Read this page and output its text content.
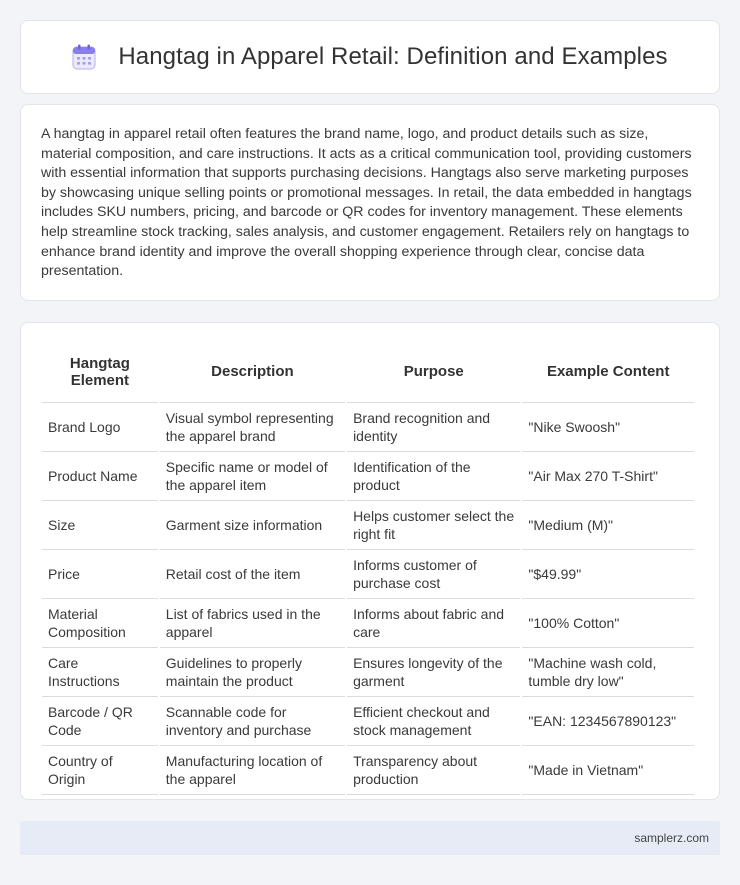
Hangtag in Apparel Retail: Definition and Examples

A hangtag in apparel retail often features the brand name, logo, and product details such as size, material composition, and care instructions. It acts as a critical communication tool, providing customers with essential information that supports purchasing decisions. Hangtags also serve marketing purposes by showcasing unique selling points or promotional messages. In retail, the data embedded in hangtags includes SKU numbers, pricing, and barcode or QR codes for inventory management. These elements help streamline stock tracking, sales analysis, and customer engagement. Retailers rely on hangtags to enhance brand identity and improve the overall shopping experience through clear, concise data presentation.

Hangtag Element	Description	Purpose	Example Content
Brand Logo	Visual symbol representing the apparel brand	Brand recognition and identity	"Nike Swoosh"
Product Name	Specific name or model of the apparel item	Identification of the product	"Air Max 270 T-Shirt"
Size	Garment size information	Helps customer select the right fit	"Medium (M)"
Price	Retail cost of the item	Informs customer of purchase cost	"$49.99"
Material Composition	List of fabrics used in the apparel	Informs about fabric and care	"100% Cotton"
Care Instructions	Guidelines to properly maintain the product	Ensures longevity of the garment	"Machine wash cold, tumble dry low"
Barcode / QR Code	Scannable code for inventory and purchase	Efficient checkout and stock management	"EAN: 1234567890123"
Country of Origin	Manufacturing location of the apparel	Transparency about production	"Made in Vietnam"
samplerz.com
